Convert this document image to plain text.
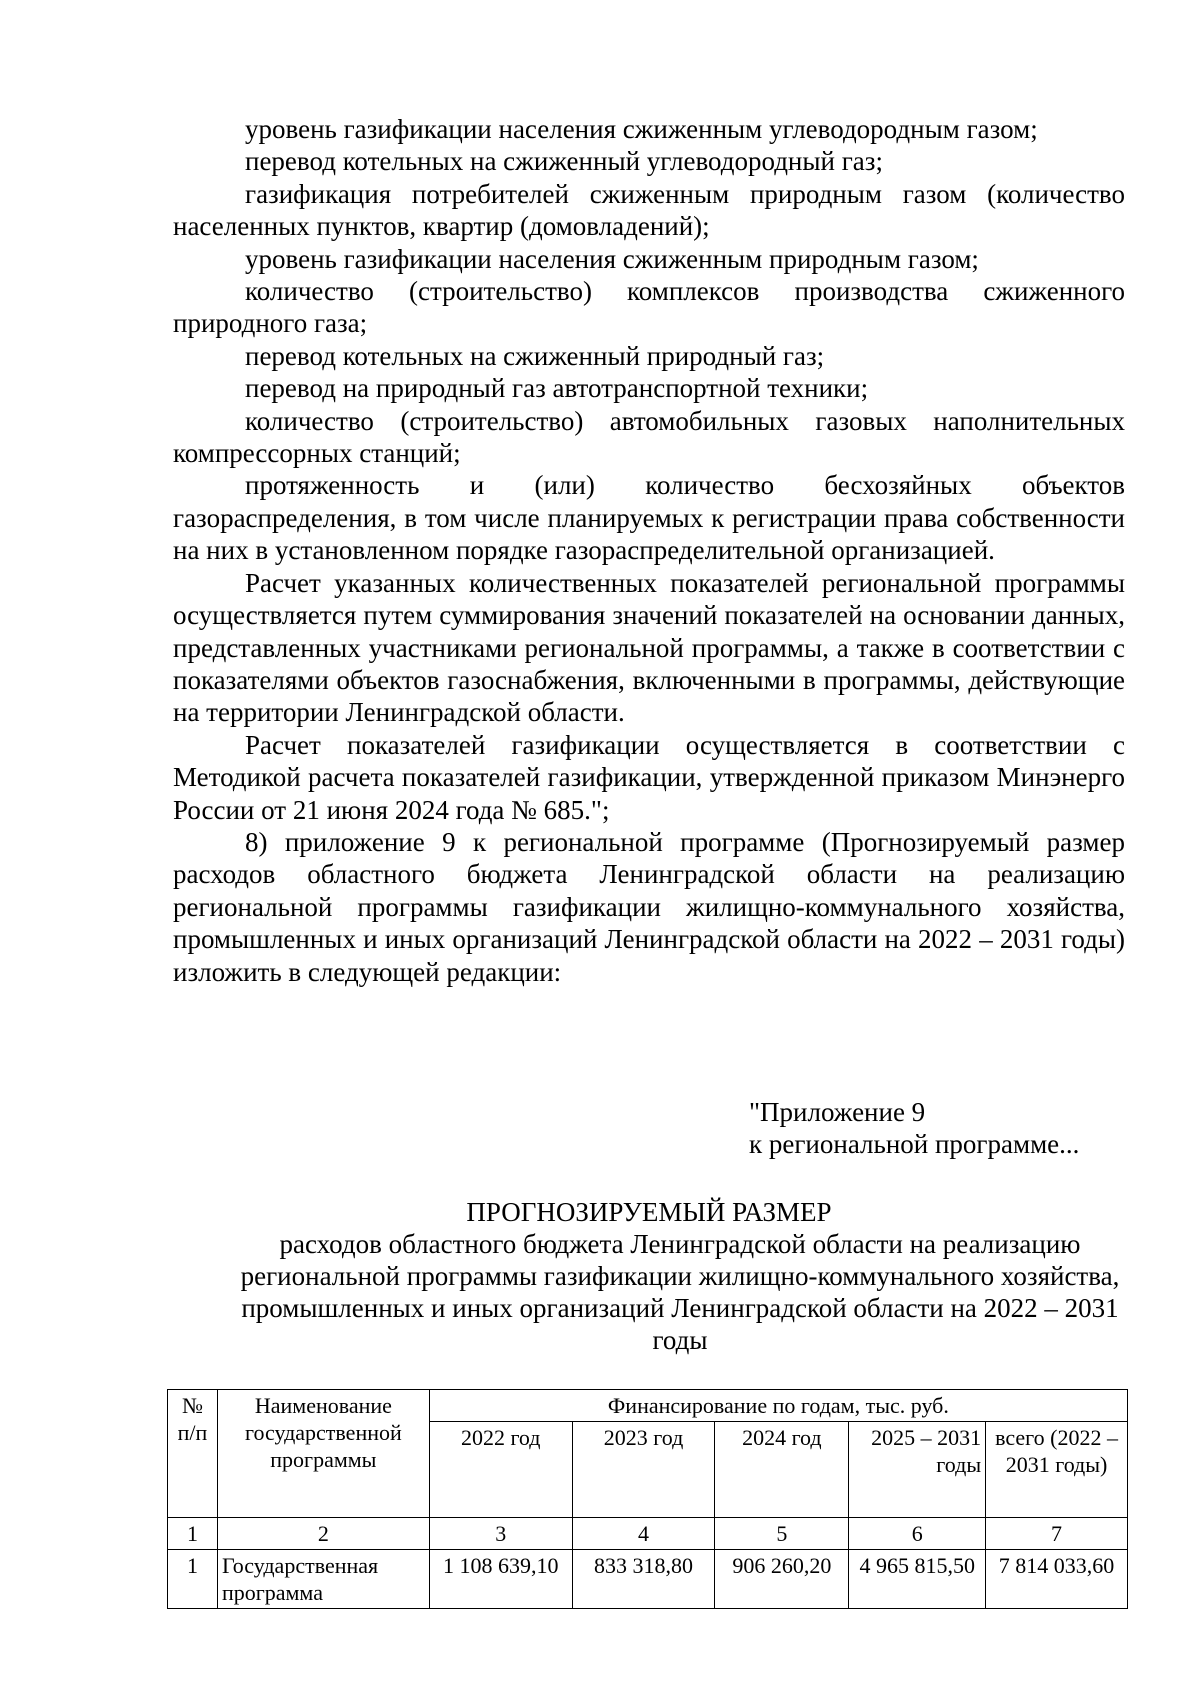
уровень газификации населения сжиженным углеводородным газом;

перевод котельных на сжиженный углеводородный газ;

газификация потребителей сжиженным природным газом (количество населенных пунктов, квартир (домовладений);

уровень газификации населения сжиженным природным газом;

количество (строительство) комплексов производства сжиженного природного газа;

перевод котельных на сжиженный природный газ;

перевод на природный газ автотранспортной техники;

количество (строительство) автомобильных газовых наполнительных компрессорных станций;

протяженность и (или) количество бесхозяйных объектов газораспределения, в том числе планируемых к регистрации права собственности на них в установленном порядке газораспределительной организацией.

Расчет указанных количественных показателей региональной программы осуществляется путем суммирования значений показателей на основании данных, представленных участниками региональной программы, а также в соответствии с показателями объектов газоснабжения, включенными в программы, действующие на территории Ленинградской области.

Расчет показателей газификации осуществляется в соответствии с Методикой расчета показателей газификации, утвержденной приказом Минэнерго России от 21 июня 2024 года № 685.";

8) приложение 9 к региональной программе (Прогнозируемый размер расходов областного бюджета Ленинградской области на реализацию региональной программы газификации жилищно-коммунального хозяйства, промышленных и иных организаций Ленинградской области на 2022 – 2031 годы) изложить в следующей редакции:

"Приложение 9
к региональной программе...
ПРОГНОЗИРУЕМЫЙ РАЗМЕР
расходов областного бюджета Ленинградской области на реализацию региональной программы газификации жилищно-коммунального хозяйства, промышленных и иных организаций Ленинградской области на 2022 – 2031 годы
№ п/п	Наименование государственной программы	Финансирование по годам, тыс. руб.				
		2022 год	2023 год	2024 год	2025 – 2031 годы	всего (2022 – 2031 годы)
1	2	3	4	5	6	7
1	Государственная программа	1 108 639,10	833 318,80	906 260,20	4 965 815,50	7 814 033,60
